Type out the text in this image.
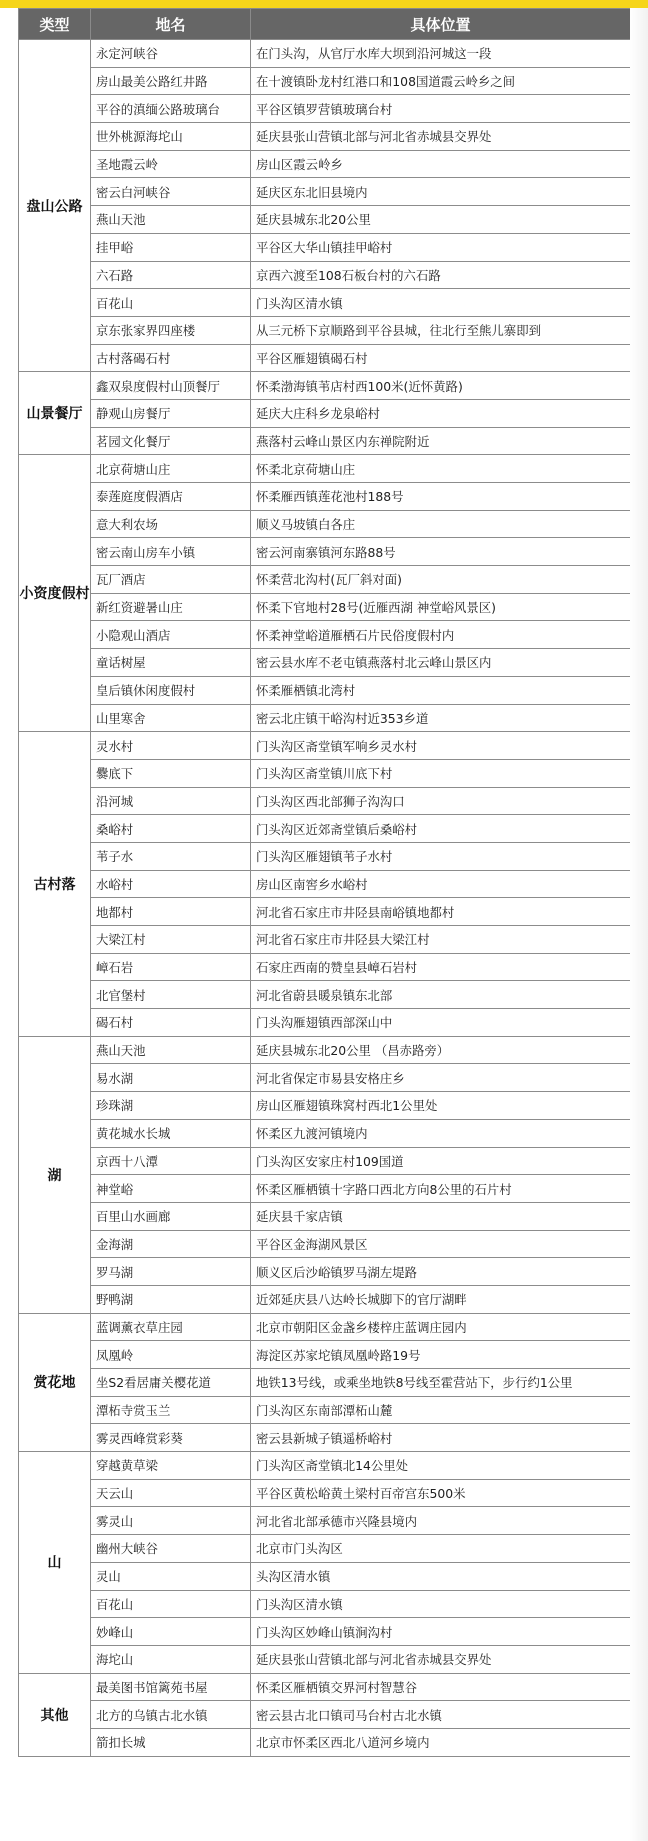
类型	地名	具体位置
盘山公路	永定河峡谷	在门头沟，从官厅水库大坝到沿河城这一段
	房山最美公路红井路	在十渡镇卧龙村红港口和108国道霞云岭乡之间
	平谷的滇缅公路玻璃台	平谷区镇罗营镇玻璃台村
	世外桃源海坨山	延庆县张山营镇北部与河北省赤城县交界处
	圣地霞云岭	房山区霞云岭乡
	密云白河峡谷	延庆区东北旧县境内
	燕山天池	延庆县城东北20公里
	挂甲峪	平谷区大华山镇挂甲峪村
	六石路	京西六渡至108石板台村的六石路
	百花山	门头沟区清水镇
	京东张家界四座楼	从三元桥下京顺路到平谷县城，往北行至熊儿寨即到
	古村落碣石村	平谷区雁翅镇碣石村
山景餐厅	鑫双泉度假村山顶餐厅	怀柔渤海镇苇店村西100米(近怀黄路)
	静观山房餐厅	延庆大庄科乡龙泉峪村
	茗园文化餐厅	燕落村云峰山景区内东禅院附近
小资度假村	北京荷塘山庄	怀柔北京荷塘山庄
	泰莲庭度假酒店	怀柔雁西镇莲花池村188号
	意大利农场	顺义马坡镇白各庄
	密云南山房车小镇	密云河南寨镇河东路88号
	瓦厂酒店	怀柔营北沟村(瓦厂斜对面)
	新红资避暑山庄	怀柔下官地村28号(近雁西湖 神堂峪风景区)
	小隐观山酒店	怀柔神堂峪道雁栖石片民俗度假村内
	童话树屋	密云县水库不老屯镇燕落村北云峰山景区内
	皇后镇休闲度假村	怀柔雁栖镇北湾村
	山里寒舍	密云北庄镇干峪沟村近353乡道
古村落	灵水村	门头沟区斋堂镇军响乡灵水村
	爨底下	门头沟区斋堂镇川底下村
	沿河城	门头沟区西北部狮子沟沟口
	桑峪村	门头沟区近郊斋堂镇后桑峪村
	苇子水	门头沟区雁翅镇苇子水村
	水峪村	房山区南窖乡水峪村
	地都村	河北省石家庄市井陉县南峪镇地都村
	大梁江村	河北省石家庄市井陉县大梁江村
	嶂石岩	石家庄西南的赞皇县嶂石岩村
	北官堡村	河北省蔚县暖泉镇东北部
	碣石村	门头沟雁翅镇西部深山中
湖	燕山天池	延庆县城东北20公里 （昌赤路旁）
	易水湖	河北省保定市易县安格庄乡
	珍珠湖	房山区雁翅镇珠窝村西北1公里处
	黄花城水长城	怀柔区九渡河镇境内
	京西十八潭	门头沟区安家庄村109国道
	神堂峪	怀柔区雁栖镇十字路口西北方向8公里的石片村
	百里山水画廊	延庆县千家店镇
	金海湖	平谷区金海湖风景区
	罗马湖	顺义区后沙峪镇罗马湖左堤路
	野鸭湖	近郊延庆县八达岭长城脚下的官厅湖畔
赏花地	蓝调薰衣草庄园	北京市朝阳区金盏乡楼梓庄蓝调庄园内
	凤凰岭	海淀区苏家坨镇凤凰岭路19号
	坐S2看居庸关樱花道	地铁13号线，或乘坐地铁8号线至霍营站下，步行约1公里
	潭柘寺赏玉兰	门头沟区东南部潭柘山麓
	雾灵西峰赏彩葵	密云县新城子镇遥桥峪村
山	穿越黄草梁	门头沟区斋堂镇北14公里处
	天云山	平谷区黄松峪黄土梁村百帝宫东500米
	雾灵山	河北省北部承德市兴隆县境内
	幽州大峡谷	北京市门头沟区
	灵山	头沟区清水镇
	百花山	门头沟区清水镇
	妙峰山	门头沟区妙峰山镇涧沟村
	海坨山	延庆县张山营镇北部与河北省赤城县交界处
其他	最美图书馆篱苑书屋	怀柔区雁栖镇交界河村智慧谷
	北方的乌镇古北水镇	密云县古北口镇司马台村古北水镇
	箭扣长城	北京市怀柔区西北八道河乡境内
